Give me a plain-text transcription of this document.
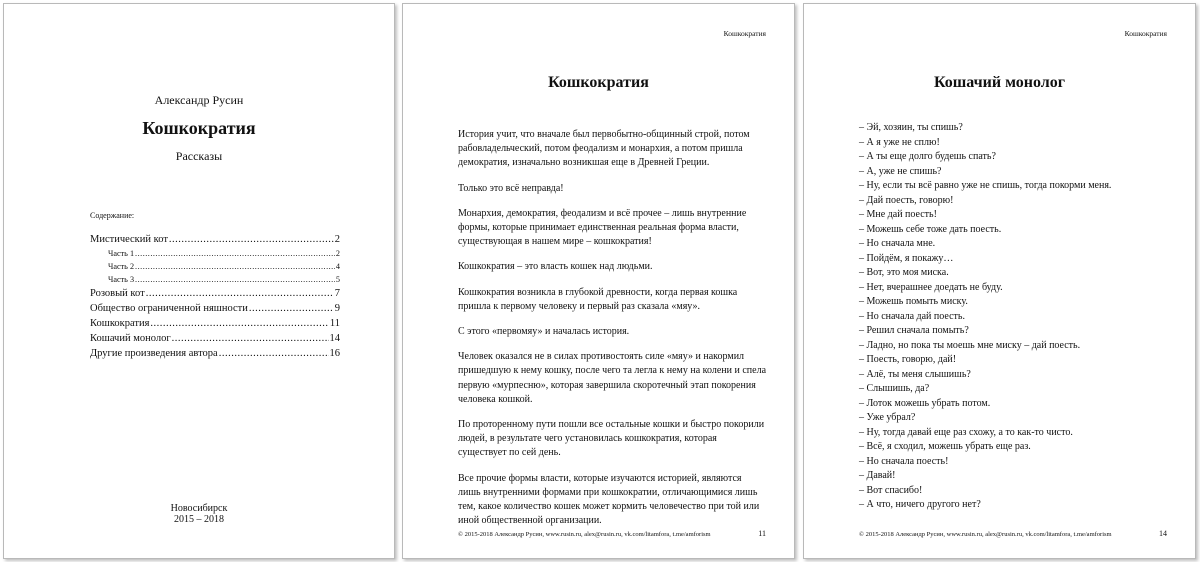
Александр Русин
Кошкократия
Рассказы
Содержание:
Мистический кот .....	2
Часть 1 .....	2
Часть 2 .....	4
Часть 3 .....	5
Розовый кот .....	7
Общество ограниченной няшности .....	9
Кошкократия .....	11
Кошачий монолог .....	14
Другие произведения автора .....	16
Новосибирск
2015 – 2018
Кошкократия
Кошкократия

История учит, что вначале был первобытно-общинный строй, потом рабовладельческий, потом феодализм и монархия, а потом пришла демократия, изначально возникшая еще в Древней Греции.

Только это всё неправда!

Монархия, демократия, феодализм и всё прочее – лишь внутренние формы, которые принимает единственная реальная форма власти, существующая в нашем мире – кошкократия!

Кошкократия – это власть кошек над людьми.

Кошкократия возникла в глубокой древности, когда первая кошка пришла к первому человеку и первый раз сказала «мяу».

С этого «первомяу» и началась история.

Человек оказался не в силах противостоять силе «мяу» и накормил пришедшую к нему кошку, после чего та легла к нему на колени и спела первую «мурпесню», которая завершила скоротечный этап покорения человека кошкой.

По проторенному пути пошли все остальные кошки и быстро покорили людей, в результате чего установилась кошкократия, которая существует по сей день.

Все прочие формы власти, которые изучаются историей, являются лишь внутренними формами при кошкократии, отличающимися лишь тем, какое количество кошек может кормить человечество при той или иной общественной организации.

© 2015-2018 Александр Русин, www.rusin.ru, alex@rusin.ru, vk.com/litamfora, t.me/amforism	11
Кошкократия
Кошачий монолог
– Эй, хозяин, ты спишь?
– А я уже не сплю!
– А ты еще долго будешь спать?
– А, уже не спишь?
– Ну, если ты всё равно уже не спишь, тогда покорми меня.
– Дай поесть, говорю!
– Мне дай поесть!
– Можешь себе тоже дать поесть.
– Но сначала мне.
– Пойдём, я покажу…
– Вот, это моя миска.
– Нет, вчерашнее доедать не буду.
– Можешь помыть миску.
– Но сначала дай поесть.
– Решил сначала помыть?
– Ладно, но пока ты моешь мне миску – дай поесть.
– Поесть, говорю, дай!
– Алё, ты меня слышишь?
– Слышишь, да?
– Лоток можешь убрать потом.
– Уже убрал?
– Ну, тогда давай еще раз схожу, а то как-то чисто.
– Всё, я сходил, можешь убрать еще раз.
– Но сначала поесть!
– Давай!
– Вот спасибо!
– А что, ничего другого нет?
© 2015-2018 Александр Русин, www.rusin.ru, alex@rusin.ru, vk.com/litamfora, t.me/amforism	14
